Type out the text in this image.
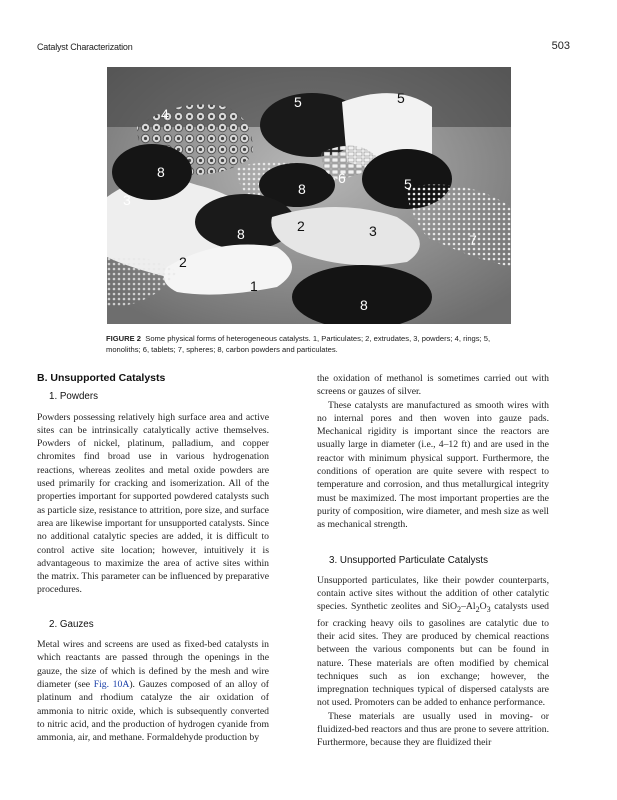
Catalyst Characterization	503
5	5
4
8
3
8
6	5
8	2	3
7
2
1
8
FIGURE 2 Some physical forms of heterogeneous catalysts. 1, Particulates; 2, extrudates, 3, powders; 4, rings; 5, monoliths; 6, tablets; 7, spheres; 8, carbon powders and particulates.
B. Unsupported Catalysts
1. Powders

Powders possessing relatively high surface area and active sites can be intrinsically catalytically active themselves. Powders of nickel, platinum, palladium, and copper chromites find broad use in various hydrogenation reactions, whereas zeolites and metal oxide powders are used primarily for cracking and isomerization. All of the properties important for supported powdered catalysts such as particle size, resistance to attrition, pore size, and surface area are likewise important for unsupported catalysts. Since no additional catalytic species are added, it is difficult to control active site location; however, intuitively it is advantageous to maximize the area of active sites within the matrix. This parameter can be influenced by preparative procedures.

2. Gauzes

Metal wires and screens are used as fixed-bed catalysts in which reactants are passed through the openings in the gauze, the size of which is defined by the mesh and wire diameter (see Fig. 10A). Gauzes composed of an alloy of platinum and rhodium catalyze the air oxidation of ammonia to nitric oxide, which is subsequently converted to nitric acid, and the production of hydrogen cyanide from ammonia, air, and methane. Formaldehyde production by

the oxidation of methanol is sometimes carried out with screens or gauzes of silver.

These catalysts are manufactured as smooth wires with no internal pores and then woven into gauze pads. Mechanical rigidity is important since the reactors are usually large in diameter (i.e., 4–12 ft) and are used in the reactor with minimum physical support. Furthermore, the conditions of operation are quite severe with respect to temperature and corrosion, and thus metallurgical integrity must be maximized. The most important properties are the purity of composition, wire diameter, and mesh size as well as mechanical strength.

3. Unsupported Particulate Catalysts

Unsupported particulates, like their powder counterparts, contain active sites without the addition of other catalytic species. Synthetic zeolites and $SiO_2-Al_2O_3$ catalysts used for cracking heavy oils to gasolines are catalytic due to their acid sites. They are produced by chemical reactions between the various components but can be found in nature. These materials are often modified by chemical techniques such as ion exchange; however, the impregnation techniques typical of dispersed catalysts are not used. Promoters can be added to enhance performance.

These materials are usually used in moving- or fluidized-bed reactors and thus are prone to severe attrition. Furthermore, because they are fluidized their
